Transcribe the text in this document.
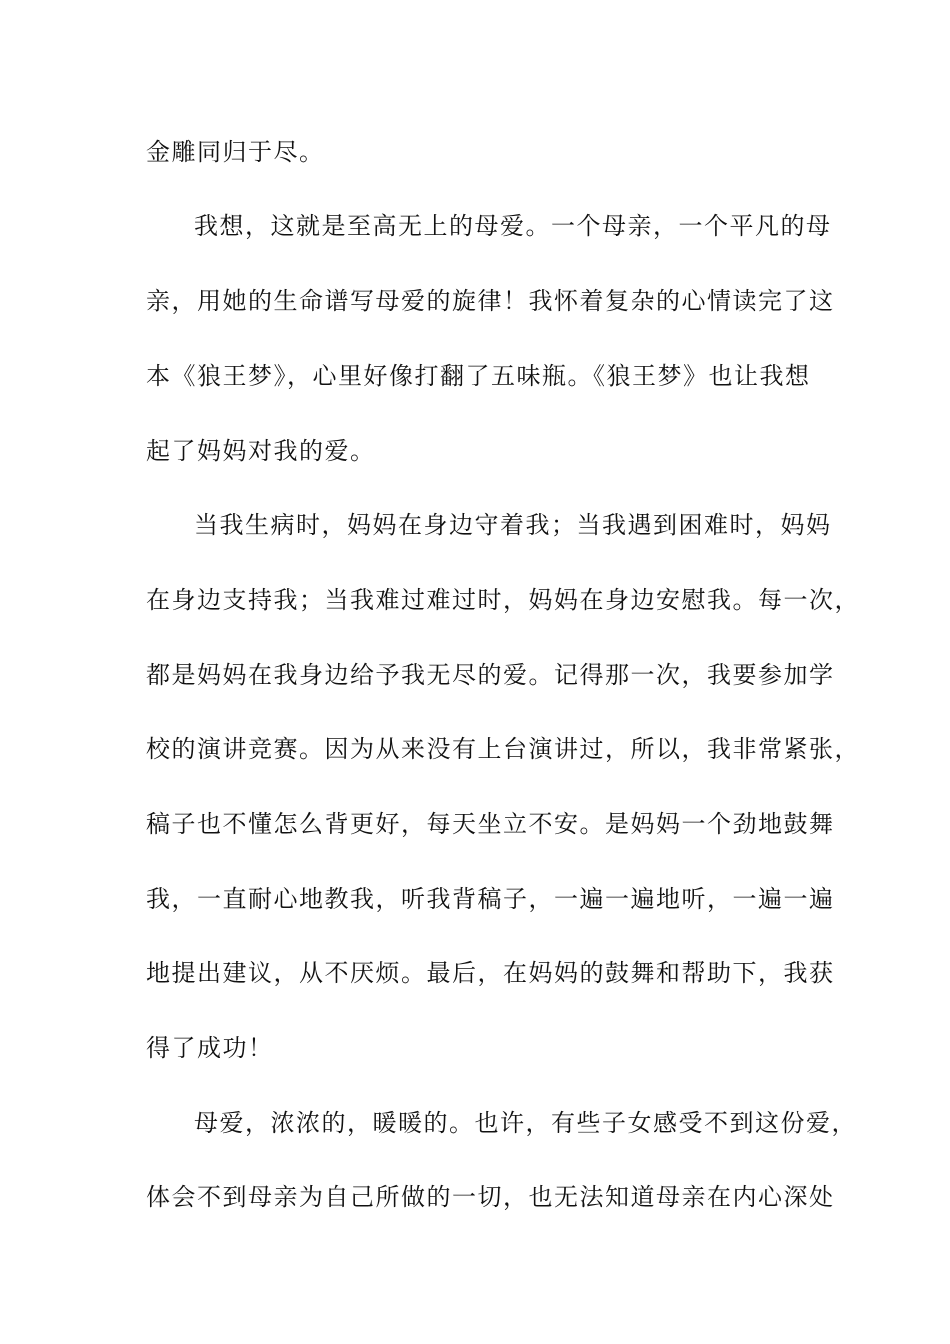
金雕同归于尽。
我想，这就是至高无上的母爱。一个母亲，一个平凡的母
亲，用她的生命谱写母爱的旋律！我怀着复杂的心情读完了这
本《狼王梦》，心里好像打翻了五味瓶。《狼王梦》也让我想
起了妈妈对我的爱。
当我生病时，妈妈在身边守着我；当我遇到困难时，妈妈
在身边支持我；当我难过难过时，妈妈在身边安慰我。每一次，
都是妈妈在我身边给予我无尽的爱。记得那一次，我要参加学
校的演讲竞赛。因为从来没有上台演讲过，所以，我非常紧张，
稿子也不懂怎么背更好，每天坐立不安。是妈妈一个劲地鼓舞
我，一直耐心地教我，听我背稿子，一遍一遍地听，一遍一遍
地提出建议，从不厌烦。最后，在妈妈的鼓舞和帮助下，我获
得了成功！
母爱，浓浓的，暖暖的。也许，有些子女感受不到这份爱，
体会不到母亲为自己所做的一切，也无法知道母亲在内心深处
